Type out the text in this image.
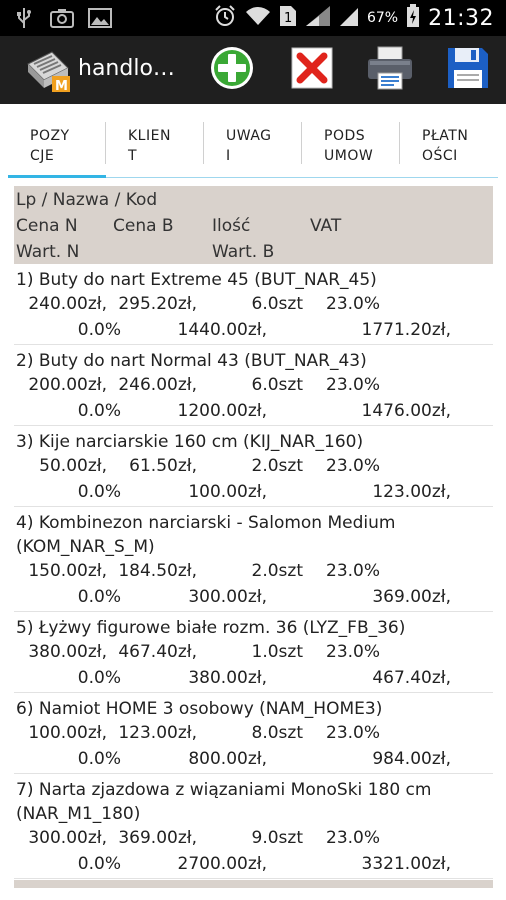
1	67% 21:32
M
handlo…
POZY
CJE
KLIEN
T
UWAG
I
PODS
UMOW
PŁATN
OŚCI
Lp / Nazwa / Kod
Cena N Cena B Ilość	VAT
Wart. N	Wart. B
1) Buty do nart Extreme 45 (BUT_NAR_45)
240.00zł, 295.20zł,	6.0szt 23.0%
0.0%	1440.00zł,	1771.20zł,
2) Buty do nart Normal 43 (BUT_NAR_43)
200.00zł, 246.00zł,	6.0szt 23.0%
0.0%	1200.00zł,	1476.00zł,
3) Kije narciarskie 160 cm (KIJ_NAR_160)
50.00zł, 61.50zł,	2.0szt 23.0%
0.0%	100.00zł,	123.00zł,
4) Kombinezon narciarski - Salomon Medium (KOM_NAR_S_M)
150.00zł, 184.50zł,	2.0szt 23.0%
0.0%	300.00zł,	369.00zł,
5) Łyżwy figurowe białe rozm. 36 (LYZ_FB_36)
380.00zł, 467.40zł,	1.0szt 23.0%
0.0%	380.00zł,	467.40zł,
6) Namiot HOME 3 osobowy (NAM_HOME3)
100.00zł, 123.00zł,	8.0szt 23.0%
0.0%	800.00zł,	984.00zł,
7) Narta zjazdowa z wiązaniami MonoSki 180 cm (NAR_M1_180)
300.00zł, 369.00zł,	9.0szt 23.0%
0.0%	2700.00zł,	3321.00zł,
